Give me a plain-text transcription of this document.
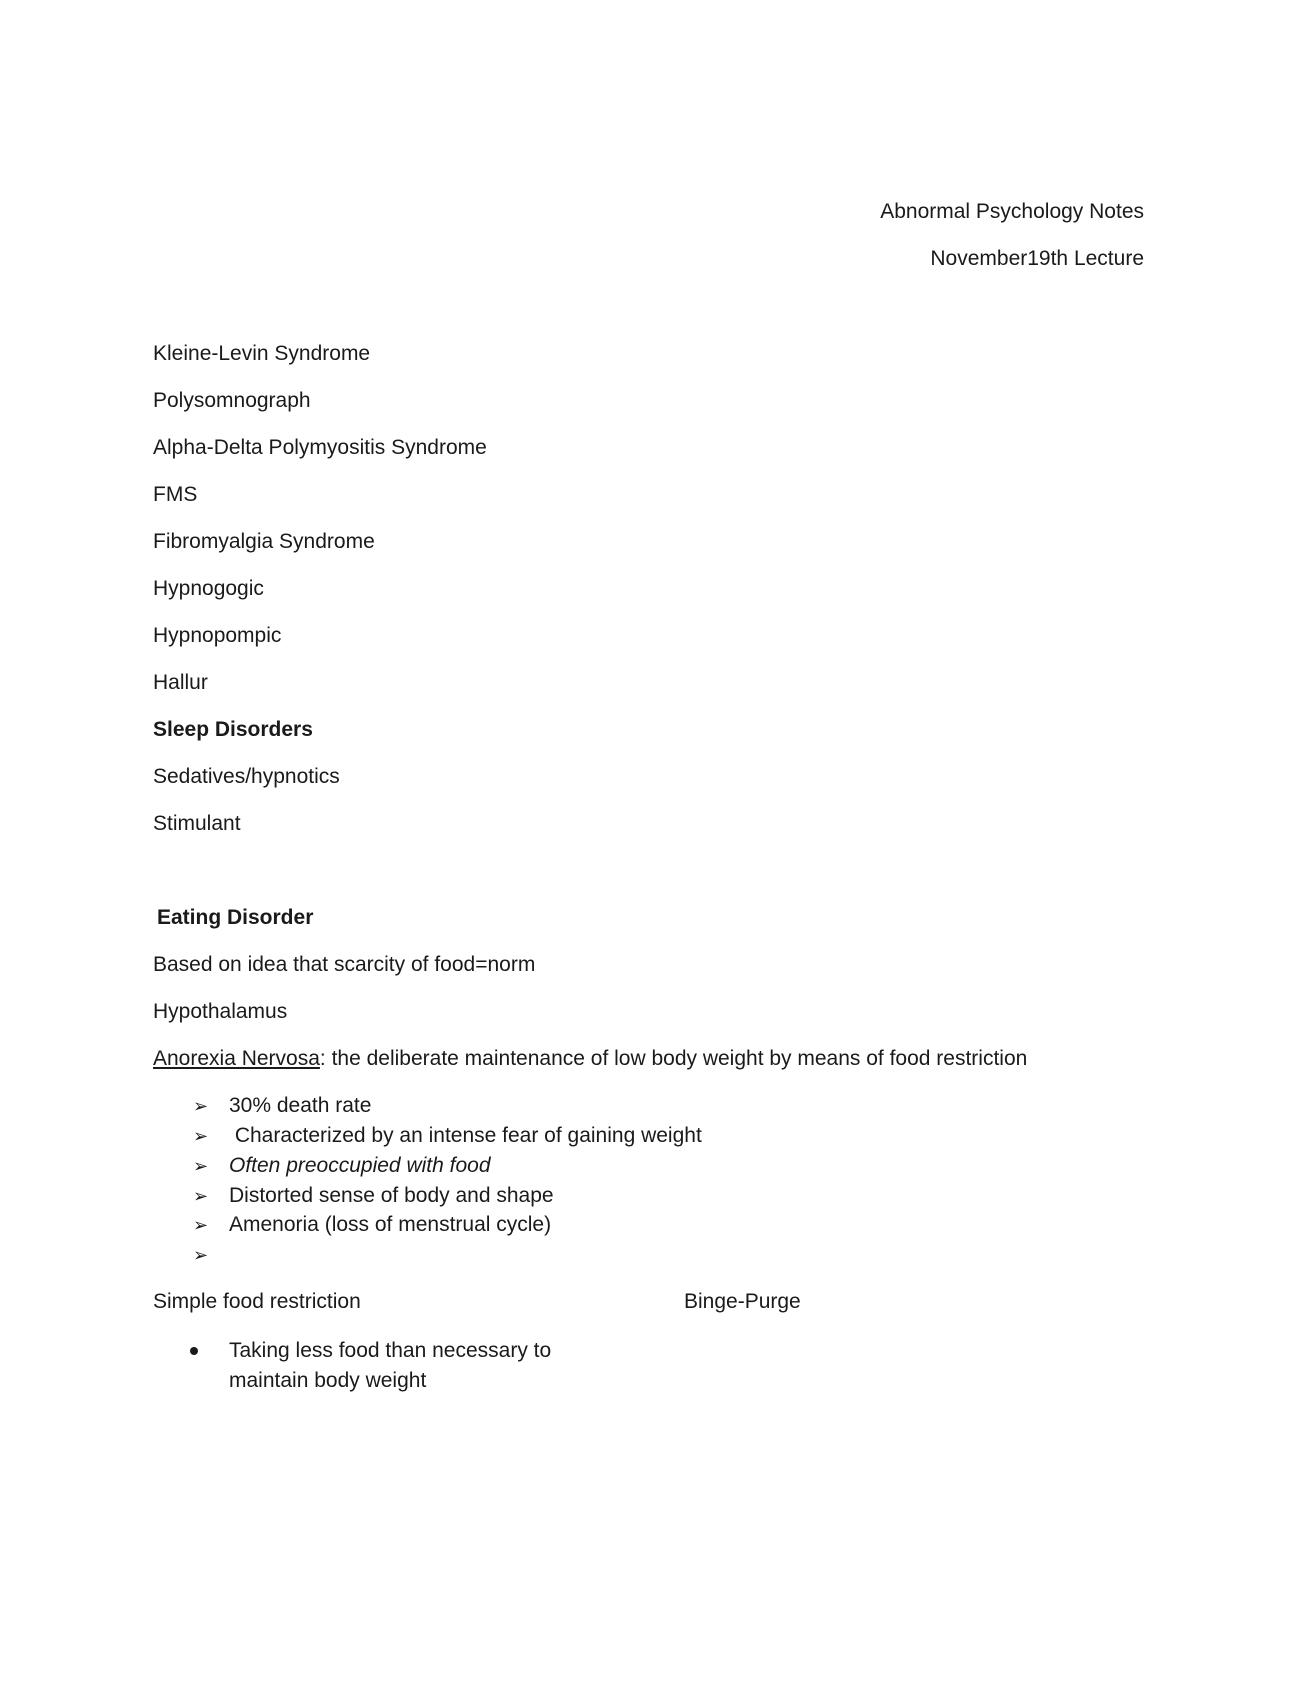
Abnormal Psychology Notes
November19th Lecture
Kleine-Levin Syndrome
Polysomnograph
Alpha-Delta Polymyositis Syndrome
FMS
Fibromyalgia Syndrome
Hypnogogic
Hypnopompic
Hallur
Sleep Disorders
Sedatives/hypnotics
Stimulant
Eating Disorder
Based on idea that scarcity of food=norm
Hypothalamus
Anorexia Nervosa: the deliberate maintenance of low body weight by means of food restriction
➢ 30% death rate
➢ Characterized by an intense fear of gaining weight
➢ Often preoccupied with food
➢ Distorted sense of body and shape
➢ Amenoria (loss of menstrual cycle)
➢
Simple food restriction	Binge-Purge
Taking less food than necessary to maintain body weight
